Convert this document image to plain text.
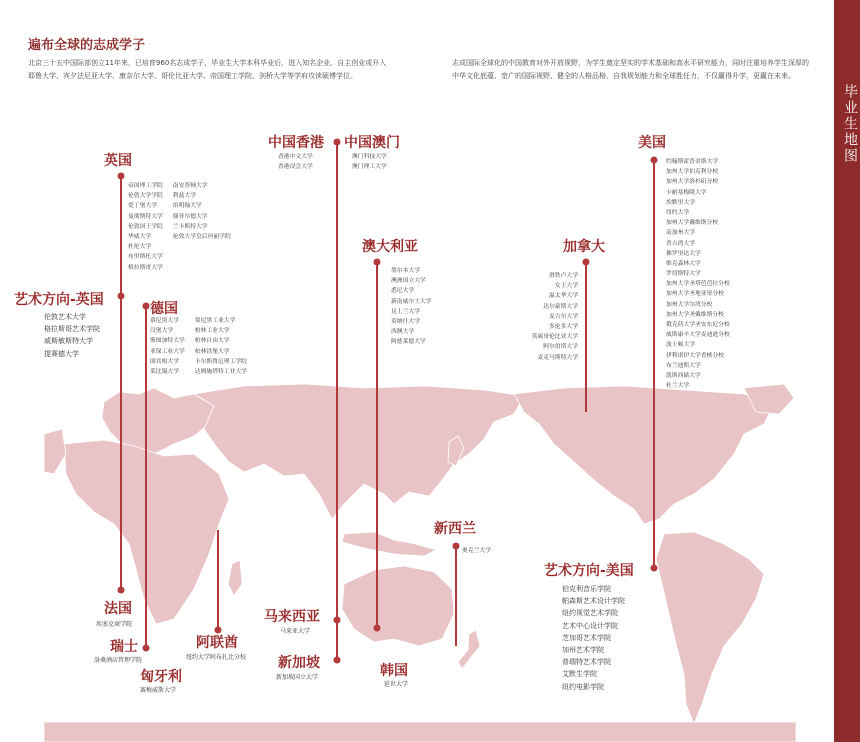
毕业生地图
遍布全球的志成学子
北京三十五中国际部创立11年来，已培育960名志成学子，毕业生大学本科毕业后，进入知名企业、自主创业或升入耶鲁大学、宾夕法尼亚大学、康奈尔大学、哥伦比亚大学、帝国理工学院、剑桥大学等学府攻读硕博学位。
志成国际全球化的中国教育对外开放视野，为学生奠定坚实的学术基础和高水平研究能力，同时注重培养学生深厚的中华文化底蕴、宽广的国际视野、健全的人格品格、自我规划能力和全球胜任力，不仅赢得升学，更赢在未来。
英国
帝国理工学院
伦敦大学学院
爱丁堡大学
曼彻斯特大学
伦敦国王学院
华威大学
杜伦大学
布里斯托大学
格拉斯哥大学
南安普顿大学
利兹大学
伯明翰大学
谢菲尔德大学
兰卡斯特大学
伦敦大学皇后玛丽学院
艺术方向-英国
伦敦艺术大学
格拉斯哥艺术学院
威斯敏斯特大学
提赛德大学
德国
慕尼黑大学
汉堡大学
斯图加特大学
亚琛工业大学
图宾根大学
莱比锡大学
慕尼黑工业大学
柏林工业大学
柏林自由大学
柏林洪堡大学
卡尔斯鲁厄理工学院
达姆施塔特工业大学
中国香港
香港中文大学
香港浸会大学
中国澳门
澳门科技大学
澳门理工大学
澳大利亚
墨尔本大学
澳洲国立大学
悉尼大学
新南威尔士大学
昆士兰大学
莫纳什大学
西澳大学
阿德莱德大学
加拿大
滑铁卢大学
女王大学
温太华大学
达尔豪斯大学
麦吉尔大学
多伦多大学
英属哥伦比亚大学
阿尔伯塔大学
麦克马斯特大学
美国
约翰斯霍普金斯大学
加州大学伯克利分校
加州大学洛杉矶分校
卡耐基梅隆大学
埃默里大学
纽约大学
加州大学戴维斯分校
南加州大学
普吉湾大学
佛罗里达大学
维克森林大学
罗切斯特大学
加州大学圣塔芭芭拉分校
加州大学圣地亚哥分校
加州大学尔湾分校
加州大学圣戴维斯分校
俄克荷大学圣安东尼分校
威斯康辛大学麦迪逊分校
波士顿大学
伊利诺伊大学香槟分校
布兰迪斯大学
凯斯西储大学
杜兰大学
新西兰
奥克兰大学
艺术方向-美国
伯克利音乐学院
帕森斯艺术设计学院
纽约视觉艺术学院
艺术中心设计学院
芝加哥艺术学院
加州艺术学院
普瑞特艺术学院
艾默生学院
纽约电影学院
法国
埃塞克商学院
瑞士
洛桑酒店管理学院
匈牙利
赛梅威斯大学
阿联酋
纽约大学阿布扎比分校
马来西亚
马来亚大学
新加坡
新加坡国立大学	韩国
延世大学
